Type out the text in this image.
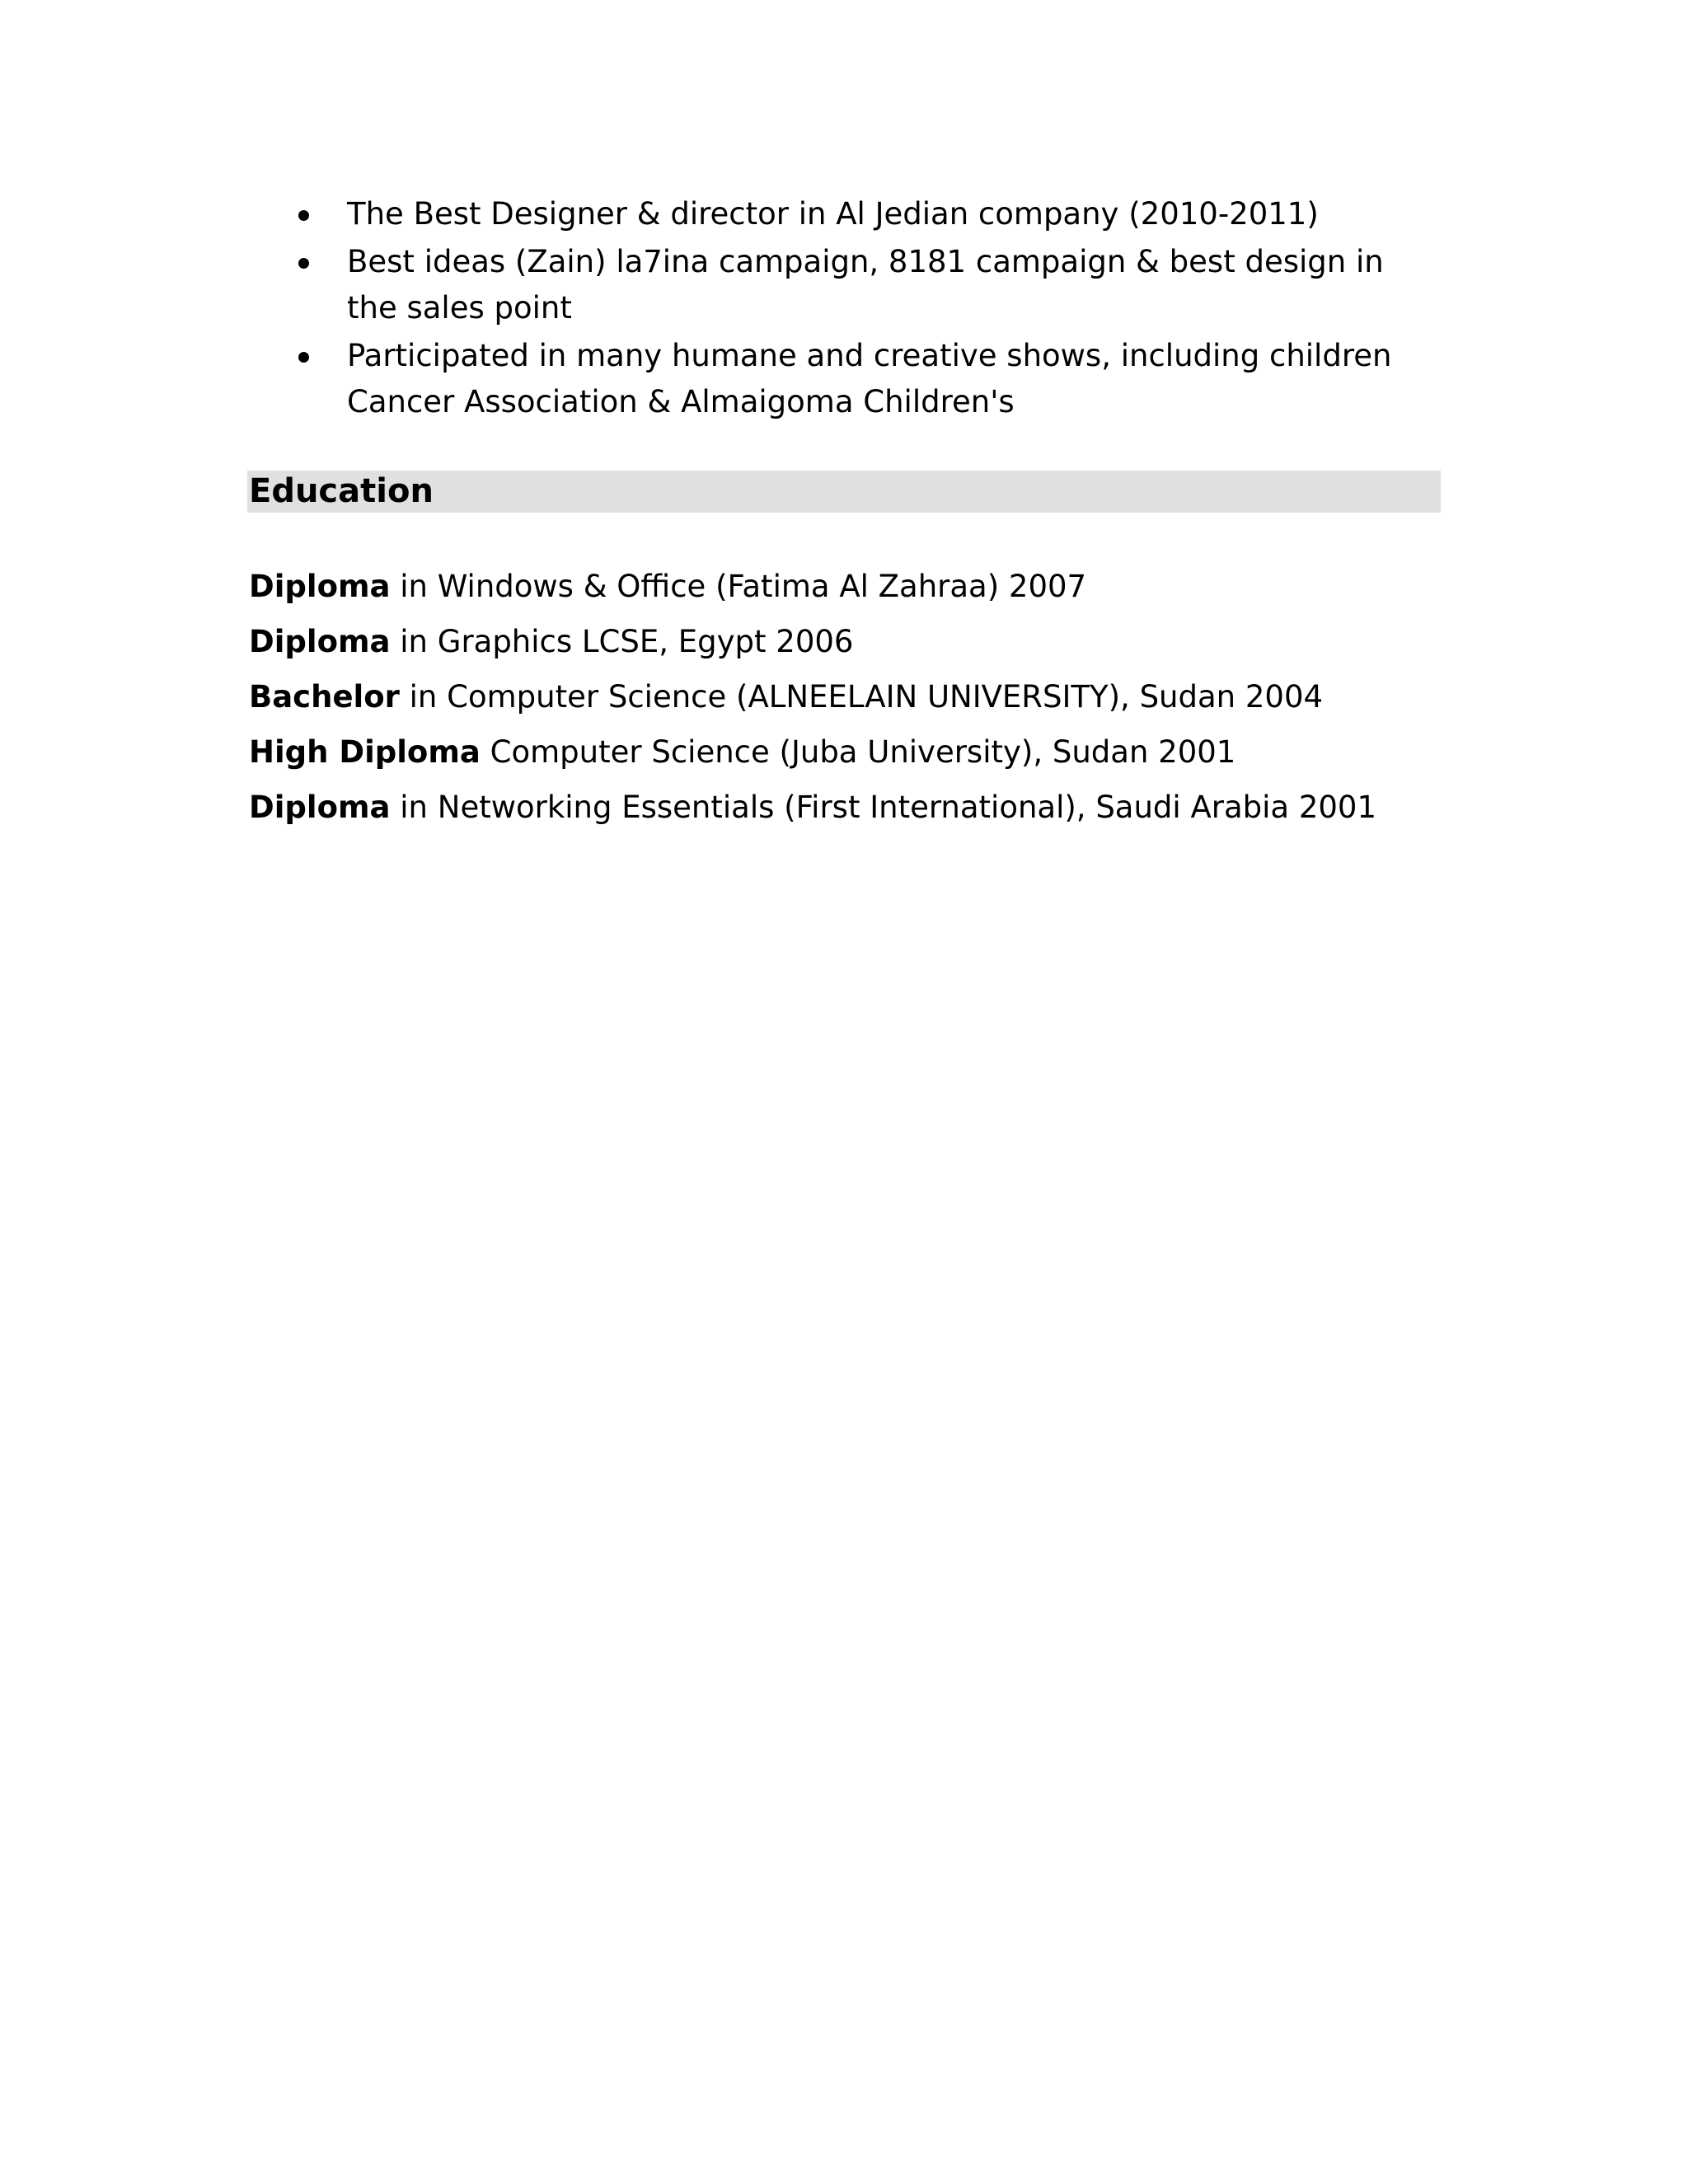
The Best Designer & director in Al Jedian company (2010-2011)
Best ideas (Zain) la7ina campaign, 8181 campaign & best design in the sales point
Participated in many humane and creative shows, including children Cancer Association & Almaigoma Children's
Education
Diploma in Windows & Office (Fatima Al Zahraa) 2007
Diploma in Graphics LCSE, Egypt 2006
Bachelor in Computer Science (ALNEELAIN UNIVERSITY), Sudan 2004
High Diploma Computer Science (Juba University), Sudan 2001
Diploma in Networking Essentials (First International), Saudi Arabia 2001
